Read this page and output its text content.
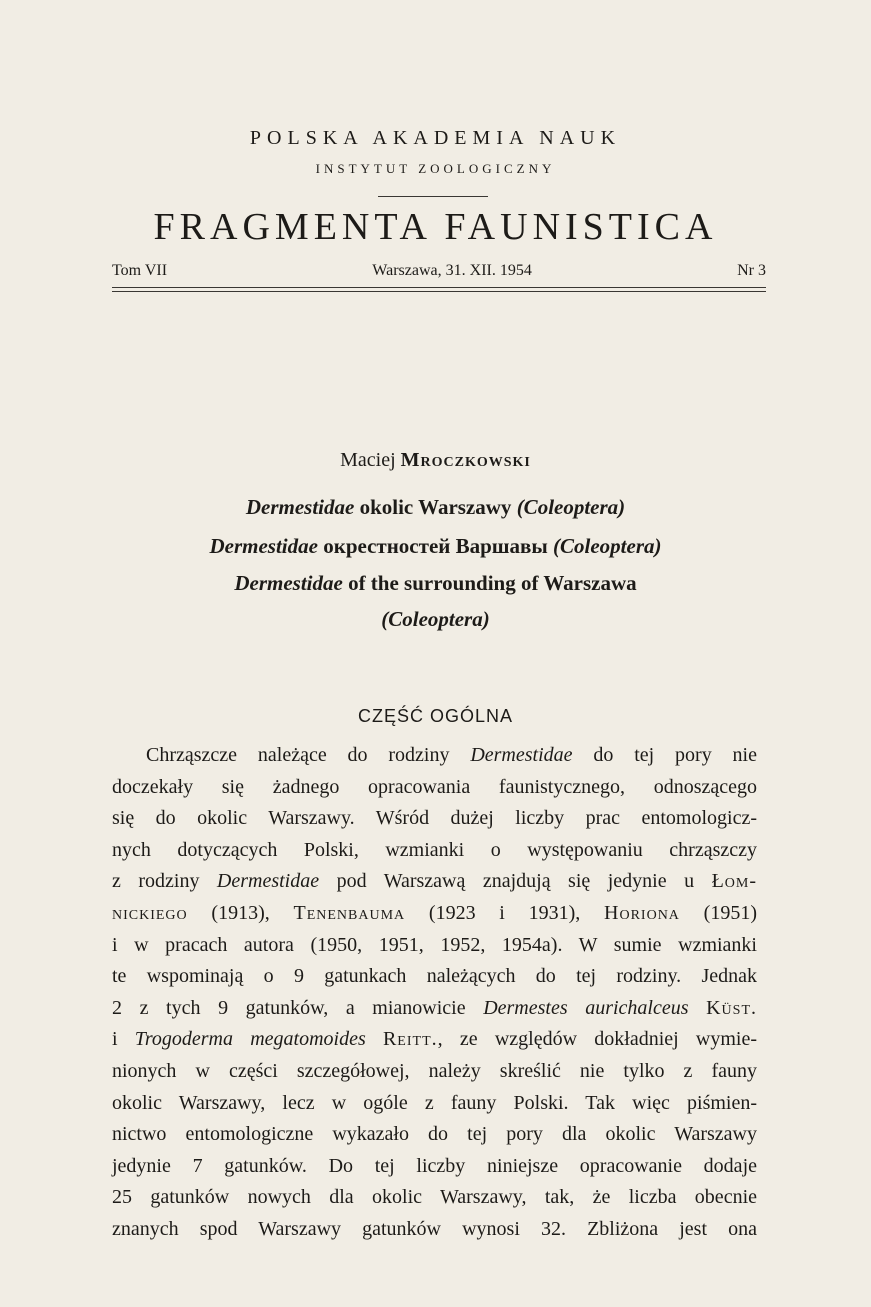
POLSKA AKADEMIA NAUK
INSTYTUT ZOOLOGICZNY
FRAGMENTA FAUNISTICA
Tom VII	Warszawa, 31. XII. 1954	Nr 3
Maciej Mroczkowski
Dermestidae okolic Warszawy (Coleoptera)
Dermestidae окрестностей Варшавы (Coleoptera)
Dermestidae of the surrounding of Warszawa
(Coleoptera)
CZĘŚĆ OGÓLNA
Chrząszcze należące do rodziny Dermestidae do tej pory nie
doczekały się żadnego opracowania faunistycznego, odnoszącego
się do okolic Warszawy. Wśród dużej liczby prac entomologicz-
nych dotyczących Polski, wzmianki o występowaniu chrząszczy
z rodziny Dermestidae pod Warszawą znajdują się jedynie u Łom-
nickiego (1913), Tenenbauma (1923 i 1931), Horiona (1951)
i w pracach autora (1950, 1951, 1952, 1954a). W sumie wzmianki
te wspominają o 9 gatunkach należących do tej rodziny. Jednak
2 z tych 9 gatunków, a mianowicie Dermestes aurichalceus Küst.
i Trogoderma megatomoides Reitt., ze względów dokładniej wymie-
nionych w części szczegółowej, należy skreślić nie tylko z fauny
okolic Warszawy, lecz w ogóle z fauny Polski. Tak więc piśmien-
nictwo entomologiczne wykazało do tej pory dla okolic Warszawy
jedynie 7 gatunków. Do tej liczby niniejsze opracowanie dodaje
25 gatunków nowych dla okolic Warszawy, tak, że liczba obecnie
znanych spod Warszawy gatunków wynosi 32. Zbliżona jest ona
